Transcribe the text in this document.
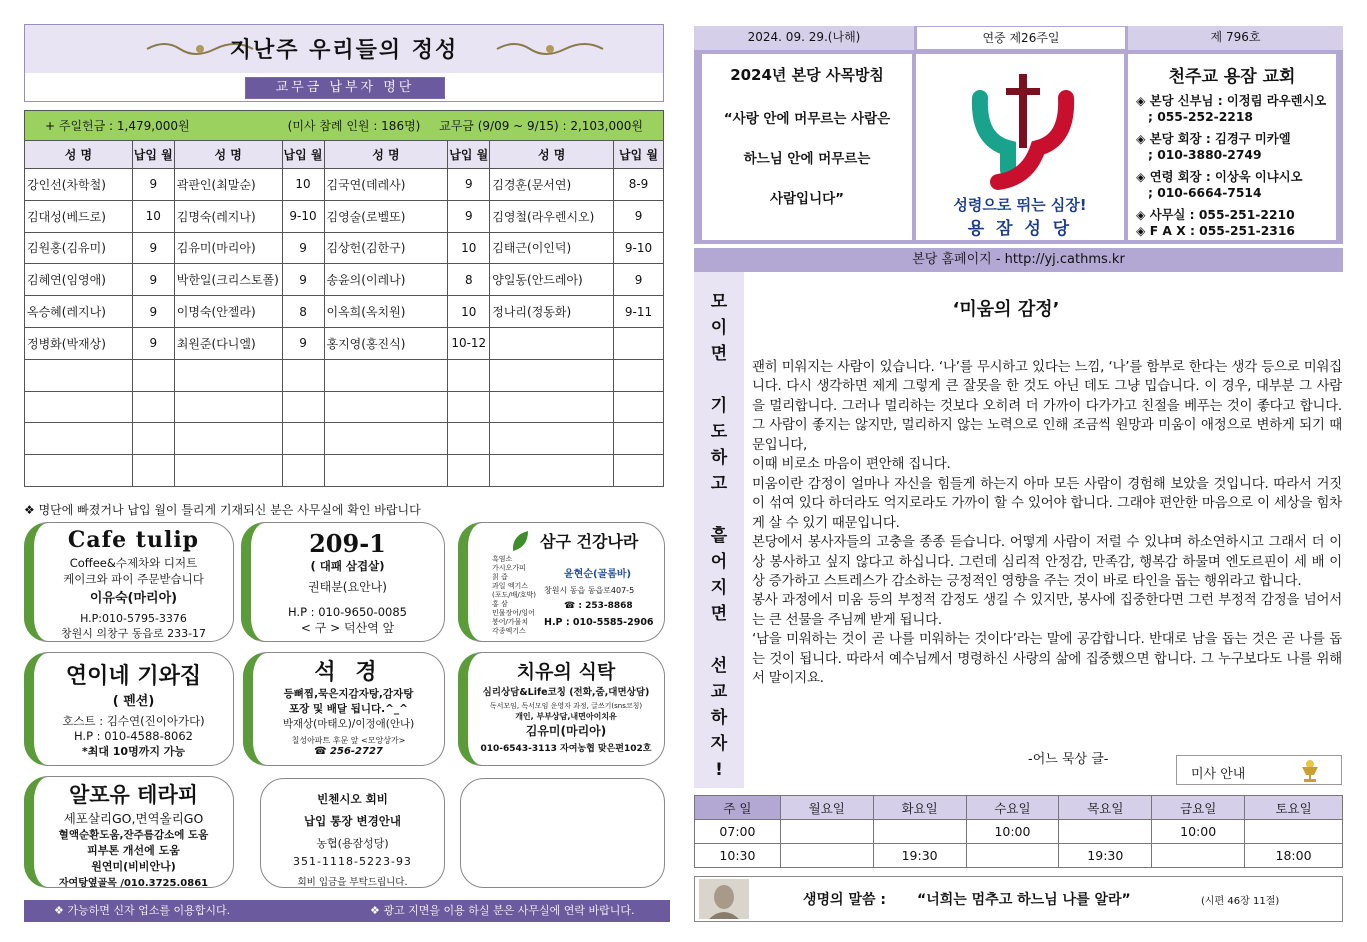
지난주 우리들의 정성
교무금 납부자 명단
+ 주일헌금 : 1,479,000원 (미사 참례 인원 : 186명) 교무금 (9/09 ~ 9/15) : 2,103,000원							
성 명	납입 월	성 명	납입 월	성 명	납입 월	성 명	납입 월
강인선(차학철)	9	곽판인(최말순)	10	김국연(데레사)	9	김경훈(문서연)	8-9
김대성(베드로)	10	김명숙(레지나)	9-10	김영술(로벨또)	9	김영철(라우렌시오)	9
김원홍(김유미)	9	김유미(마리아)	9	김상헌(김한구)	10	김태근(이인덕)	9-10
김혜연(임영애)	9	박한일(크리스토폴)	9	송윤의(이레나)	8	양일동(안드레아)	9
옥승혜(레지나)	9	이명숙(안젤라)	8	이옥희(옥치원)	10	정나리(정동화)	9-11
정병화(박재상)	9	최원준(다니엘)	9	홍지영(홍진식)	10-12		

❖ 명단에 빠졌거나 납입 월이 틀리게 기재되신 분은 사무실에 확인 바랍니다
Cafe tulip
Coffee&수제차와 디저트
케이크와 파이 주문받습니다
이유숙(마리아)
H.P:010-5795-3376
창원시 의창구 동읍로 233-17
209-1
( 대패 삼겹살)
권태분(요안나)
H.P : 010-9650-0085
< 구 > 덕산역 앞
삼구 건강나라
흑염소
가시오가피
칡 즙
과일 엑기스
(포도/배/호박)
홍 삼
민물장어/잉어
붕어/가물치
각종엑기스
윤현순(골롬바)
창원시 동읍 동읍로407-5
☎ : 253-8868
H.P : 010-5585-2906
연이네 기와집
( 펜션)
호스트 : 김수연(진이아가다)
H.P : 010-4588-8062
*최대 10명까지 가능
석 경
등뼈찜,묵은지감자탕,감자탕
포장 및 배달 됩니다.^_^
박재상(마태오)/이정애(안나)
칠성아파트 후문 앞 <모앙상가>
☎ 256-2727
치유의 식탁
심리상담&Life코칭 (전화,줌,대면상담)
독서모임, 독서모임 운영자 과정, 글쓰기(sns코칭)
개인, 부부상담,내면아이치유
김유미(마리아)
010-6543-3113 자여농협 맞은편102호
알포유 테라피
세포살리GO,면역올리GO
혈액순환도움,잔주름감소에 도움
피부톤 개선에 도움
원연미(비비안나)
자여탕옆골목 /010.3725.0861
빈첸시오 회비
납입 통장 변경안내
농협(용잠성당)
351-1118-5223-93
회비 입금을 부탁드립니다.
❖ 가능하면 신자 업소를 이용합시다.	❖ 광고 지면을 이용 하실 분은 사무실에 연락 바랍니다.
2024. 09. 29.(나해)	연중 제26주일	제 796호
2024년 본당 사목방침
“사랑 안에 머무르는 사람은
하느님 안에 머무르는
사람입니다”	성령으로 뛰는 심장!
용 잠 성 당
천주교 용잠 교회
◈ 본당 신부님 : 이정림 라우렌시오
; 055-252-2218
◈ 본당 회장 : 김경구 미카엘
; 010-3880-2749
◈ 연령 회장 : 이상욱 이냐시오
; 010-6664-7514
◈ 사무실 : 055-251-2210
◈ F A X : 055-251-2316
본당 홈페이지 - http://yj.cathms.kr
모
이
면
기
도
하
고
흩
어
지
면
선
교
하
자
!
‘미움의 감정’

괜히 미워지는 사람이 있습니다. ‘나’를 무시하고 있다는 느낌, ‘나’를 함부로 한다는 생각 등으로 미워집니다. 다시 생각하면 제게 그렇게 큰 잘못을 한 것도 아닌 데도 그냥 밉습니다. 이 경우, 대부분 그 사람을 멀리합니다. 그러나 멀리하는 것보다 오히려 더 가까이 다가가고 친절을 베푸는 것이 좋다고 합니다. 그 사람이 좋지는 않지만, 멀리하지 않는 노력으로 인해 조금씩 원망과 미움이 애정으로 변하게 되기 때문입니다,

이때 비로소 마음이 편안해 집니다.

미움이란 감정이 얼마나 자신을 힘들게 하는지 아마 모든 사람이 경험해 보았을 것입니다. 따라서 거짓이 섞여 있다 하더라도 억지로라도 가까이 할 수 있어야 합니다. 그래야 편안한 마음으로 이 세상을 힘차게 살 수 있기 때문입니다.

본당에서 봉사자들의 고충을 종종 듣습니다. 어떻게 사람이 저럴 수 있냐며 하소연하시고 그래서 더 이상 봉사하고 싶지 않다고 하십니다. 그런데 심리적 안정감, 만족감, 행복감 하물며 엔도르핀이 세 배 이상 증가하고 스트레스가 감소하는 긍정적인 영향을 주는 것이 바로 타인을 돕는 행위라고 합니다.

봉사 과정에서 미움 등의 부정적 감정도 생길 수 있지만, 봉사에 집중한다면 그런 부정적 감정을 넘어서는 큰 선물을 주님께 받게 됩니다.

‘남을 미워하는 것이 곧 나를 미워하는 것이다’라는 말에 공감합니다. 반대로 남을 돕는 것은 곧 나를 돕는 것이 됩니다. 따라서 예수님께서 명령하신 사랑의 삶에 집중했으면 합니다. 그 누구보다도 나를 위해서 말이지요.

-어느 묵상 글-
미사 안내
주 일	월요일	화요일	수요일	목요일	금요일	토요일
07:00			10:00		10:00	
10:30		19:30		19:30		18:00
생명의 말씀 : “너희는 멈추고 하느님 나를 알라”	(시편 46장 11절)
